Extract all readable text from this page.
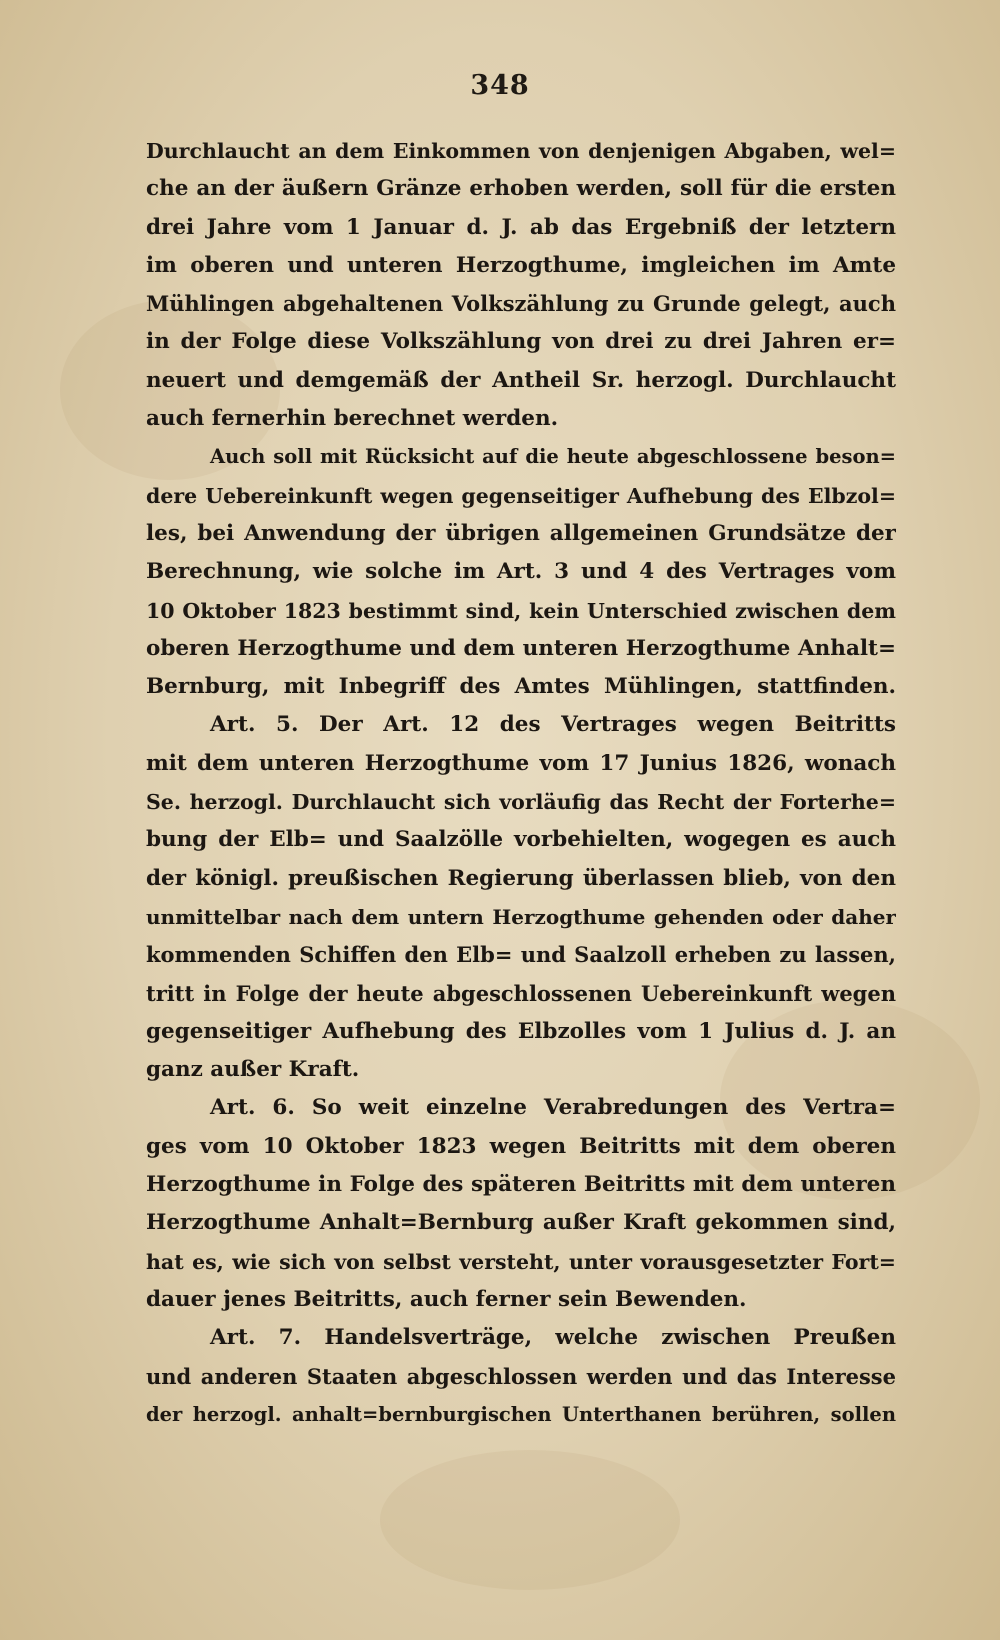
348
Durchlaucht an dem Einkommen von denjenigen Abgaben, wel=
che an der äußern Gränze erhoben werden, soll für die ersten
drei Jahre vom 1 Januar d. J. ab das Ergebniß der letztern
im oberen und unteren Herzogthume, imgleichen im Amte
Mühlingen abgehaltenen Volkszählung zu Grunde gelegt, auch
in der Folge diese Volkszählung von drei zu drei Jahren er=
neuert und demgemäß der Antheil Sr. herzogl. Durchlaucht
auch fernerhin berechnet werden.
Auch soll mit Rücksicht auf die heute abgeschlossene beson=
dere Uebereinkunft wegen gegenseitiger Aufhebung des Elbzol=
les, bei Anwendung der übrigen allgemeinen Grundsätze der
Berechnung, wie solche im Art. 3 und 4 des Vertrages vom
10 Oktober 1823 bestimmt sind, kein Unterschied zwischen dem
oberen Herzogthume und dem unteren Herzogthume Anhalt=
Bernburg, mit Inbegriff des Amtes Mühlingen, stattfinden.
Art. 5. Der Art. 12 des Vertrages wegen Beitritts
mit dem unteren Herzogthume vom 17 Junius 1826, wonach
Se. herzogl. Durchlaucht sich vorläufig das Recht der Forterhe=
bung der Elb= und Saalzölle vorbehielten, wogegen es auch
der königl. preußischen Regierung überlassen blieb, von den
unmittelbar nach dem untern Herzogthume gehenden oder daher
kommenden Schiffen den Elb= und Saalzoll erheben zu lassen,
tritt in Folge der heute abgeschlossenen Uebereinkunft wegen
gegenseitiger Aufhebung des Elbzolles vom 1 Julius d. J. an
ganz außer Kraft.
Art. 6. So weit einzelne Verabredungen des Vertra=
ges vom 10 Oktober 1823 wegen Beitritts mit dem oberen
Herzogthume in Folge des späteren Beitritts mit dem unteren
Herzogthume Anhalt=Bernburg außer Kraft gekommen sind,
hat es, wie sich von selbst versteht, unter vorausgesetzter Fort=
dauer jenes Beitritts, auch ferner sein Bewenden.
Art. 7. Handelsverträge, welche zwischen Preußen
und anderen Staaten abgeschlossen werden und das Interesse
der herzogl. anhalt=bernburgischen Unterthanen berühren, sollen
